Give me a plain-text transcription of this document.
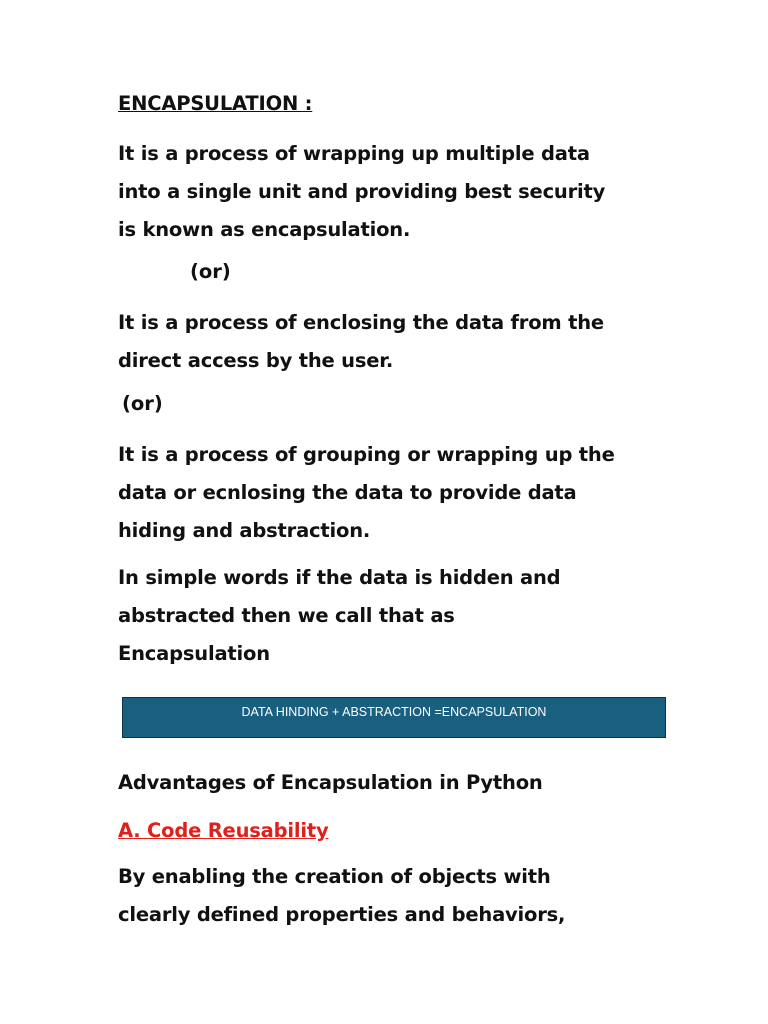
ENCAPSULATION :
It is a process of wrapping up multiple data
into a single unit and providing best security
is known as encapsulation.
(or)
It is a process of enclosing the data from the
direct access by the user.
(or)
It is a process of grouping or wrapping up the
data or ecnlosing the data to provide data
hiding and abstraction.
In simple words if the data is hidden and
abstracted then we call that as
Encapsulation
DATA HINDING + ABSTRACTION =ENCAPSULATION
Advantages of Encapsulation in Python
A. Code Reusability
By enabling the creation of objects with
clearly defined properties and behaviors,
